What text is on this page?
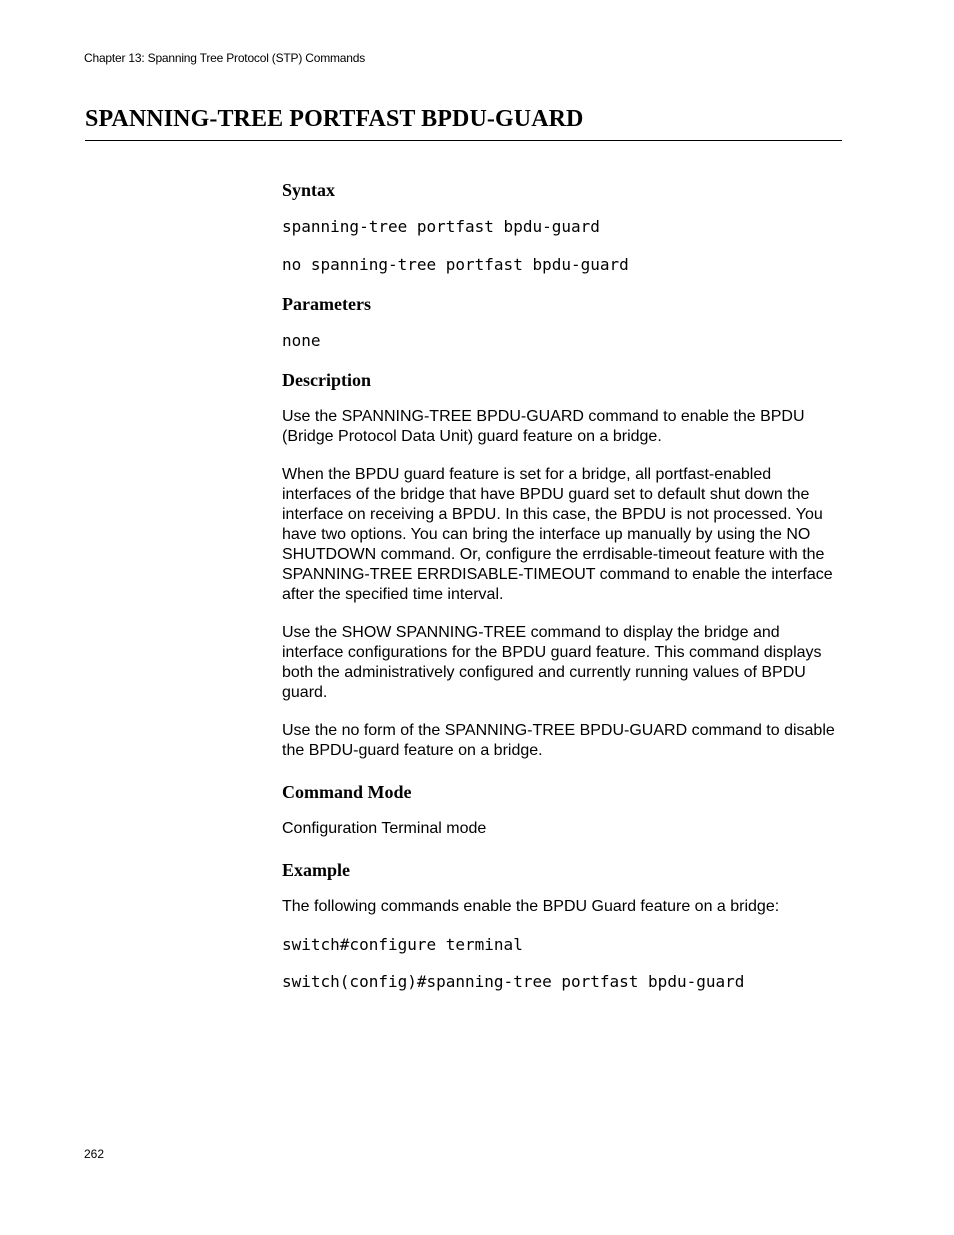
Chapter 13: Spanning Tree Protocol (STP) Commands
SPANNING-TREE PORTFAST BPDU-GUARD
Syntax
spanning-tree portfast bpdu-guard
no spanning-tree portfast bpdu-guard
Parameters
none
Description

Use the SPANNING-TREE BPDU-GUARD command to enable the BPDU (Bridge Protocol Data Unit) guard feature on a bridge.

When the BPDU guard feature is set for a bridge, all portfast-enabled interfaces of the bridge that have BPDU guard set to default shut down the interface on receiving a BPDU. In this case, the BPDU is not processed. You have two options. You can bring the interface up manually by using the NO SHUTDOWN command. Or, configure the errdisable-timeout feature with the SPANNING-TREE ERRDISABLE-TIMEOUT command to enable the interface after the specified time interval.

Use the SHOW SPANNING-TREE command to display the bridge and interface configurations for the BPDU guard feature. This command displays both the administratively configured and currently running values of BPDU guard.

Use the no form of the SPANNING-TREE BPDU-GUARD command to disable the BPDU-guard feature on a bridge.

Command Mode

Configuration Terminal mode

Example

The following commands enable the BPDU Guard feature on a bridge:

switch#configure terminal
switch(config)#spanning-tree portfast bpdu-guard
262
